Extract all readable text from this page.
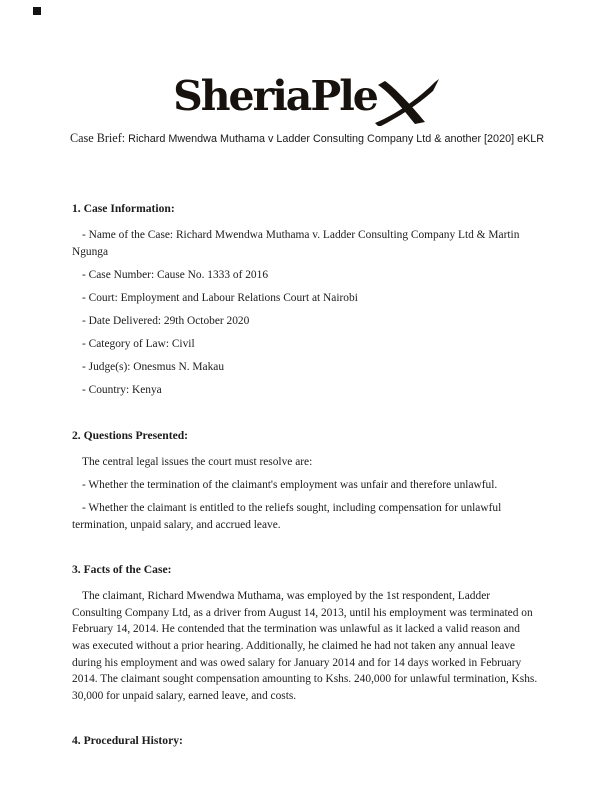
SheriaPle
Case Brief: Richard Mwendwa Muthama v Ladder Consulting Company Ltd & another [2020] eKLR
1. Case Information:

- Name of the Case: Richard Mwendwa Muthama v. Ladder Consulting Company Ltd & Martin Ngunga

- Case Number: Cause No. 1333 of 2016

- Court: Employment and Labour Relations Court at Nairobi

- Date Delivered: 29th October 2020

- Category of Law: Civil

- Judge(s): Onesmus N. Makau

- Country: Kenya

2. Questions Presented:

The central legal issues the court must resolve are:

- Whether the termination of the claimant's employment was unfair and therefore unlawful.

- Whether the claimant is entitled to the reliefs sought, including compensation for unlawful termination, unpaid salary, and accrued leave.

3. Facts of the Case:

The claimant, Richard Mwendwa Muthama, was employed by the 1st respondent, Ladder Consulting Company Ltd, as a driver from August 14, 2013, until his employment was terminated on February 14, 2014. He contended that the termination was unlawful as it lacked a valid reason and was executed without a prior hearing. Additionally, he claimed he had not taken any annual leave during his employment and was owed salary for January 2014 and for 14 days worked in February 2014. The claimant sought compensation amounting to Kshs. 240,000 for unlawful termination, Kshs. 30,000 for unpaid salary, earned leave, and costs.

4. Procedural History:
